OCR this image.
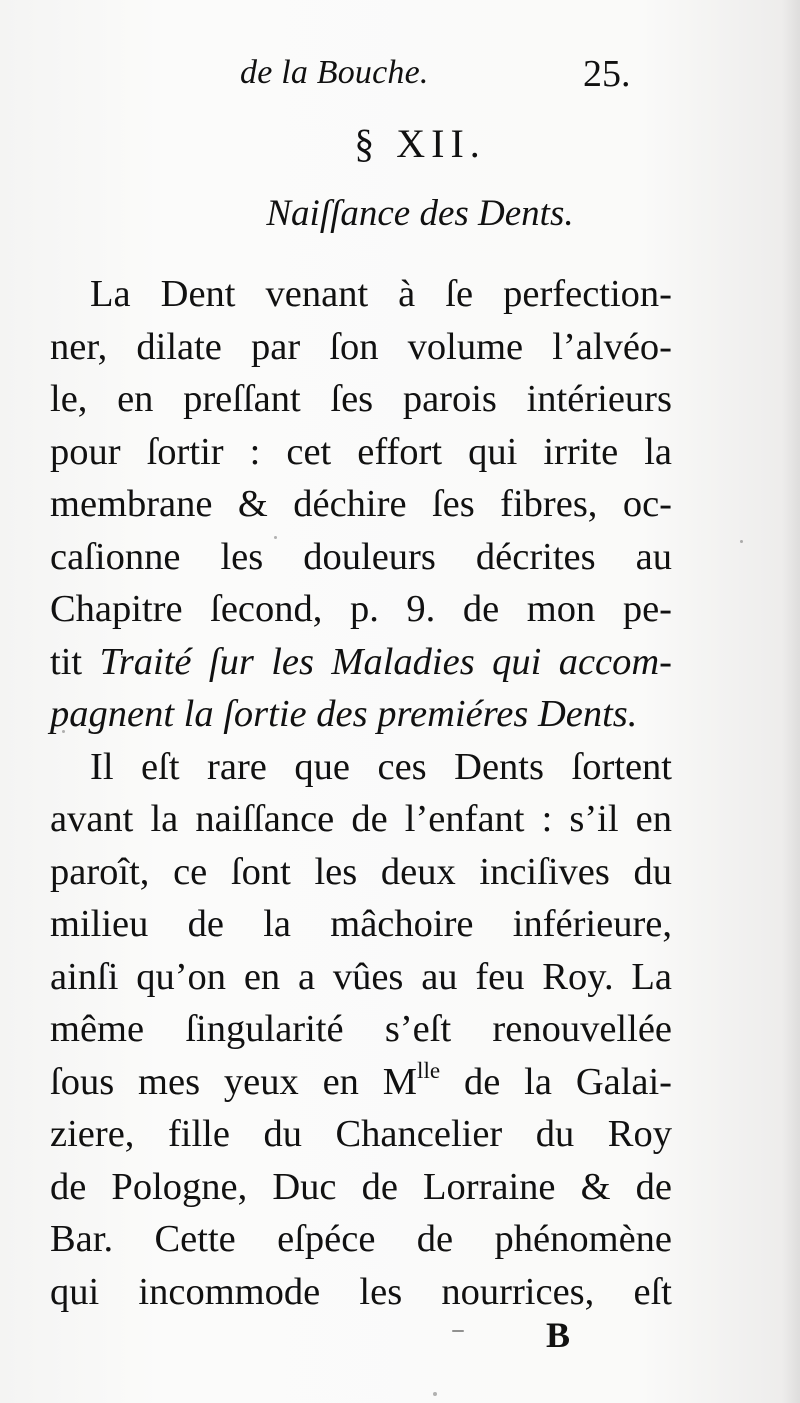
de la Bouche.	25.
§ XII.
Naiſſance des Dents.
La Dent venant à ſe perfection-
ner, dilate par ſon volume l’alvéo-
le, en preſſant ſes parois intérieurs
pour ſortir : cet effort qui irrite la
membrane & déchire ſes fibres, oc-
caſionne les douleurs décrites au
Chapitre ſecond, p. 9. de mon pe-
tit Traité ſur les Maladies qui accom-
pagnent la ſortie des premiéres Dents.
Il eſt rare que ces Dents ſortent
avant la naiſſance de l’enfant : s’il en
paroît, ce ſont les deux inciſives du
milieu de la mâchoire inférieure,
ainſi qu’on en a vûes au feu Roy. La
même ſingularité s’eſt renouvellée
ſous mes yeux en $M^{lle}$ de la Galai-
ziere, fille du Chancelier du Roy
de Pologne, Duc de Lorraine & de
Bar. Cette eſpéce de phénomène
qui incommode les nourrices, eſt
B
